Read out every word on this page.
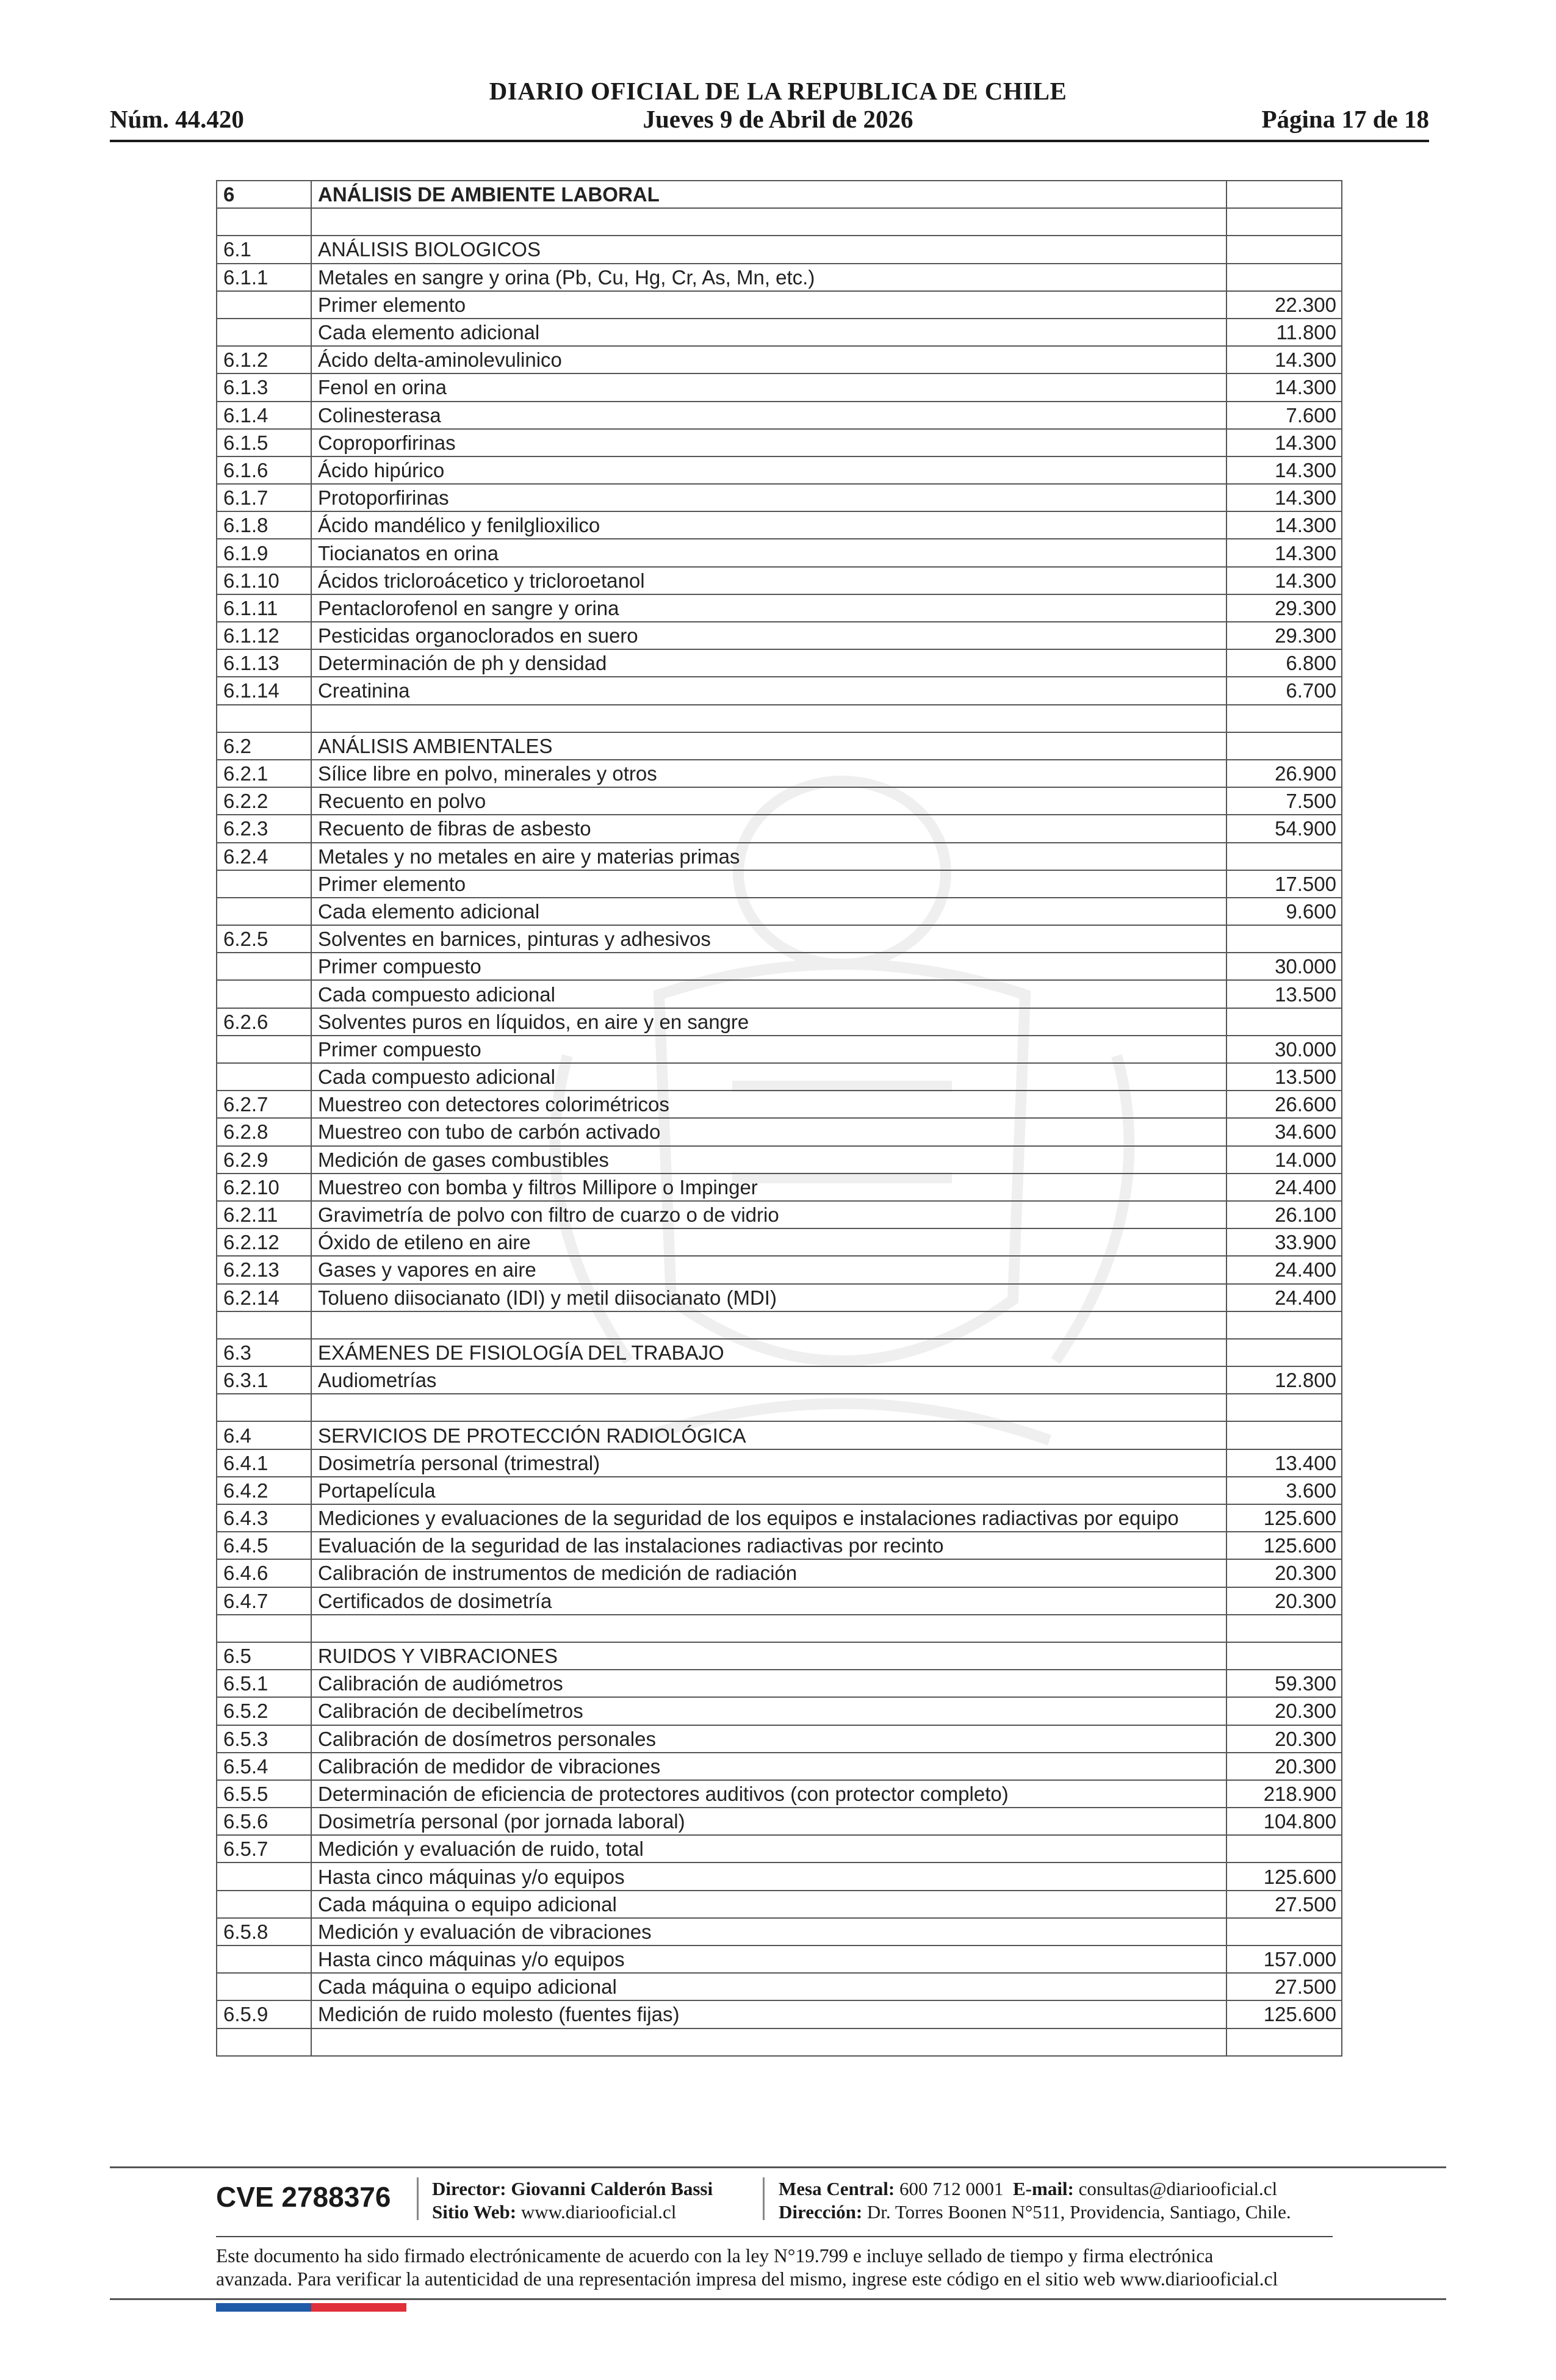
DIARIO OFICIAL DE LA REPUBLICA DE CHILE
Núm. 44.420	Jueves 9 de Abril de 2026	Página 17 de 18
6	ANÁLISIS DE AMBIENTE LABORAL	

6.1	ANÁLISIS BIOLOGICOS	
6.1.1	Metales en sangre y orina (Pb, Cu, Hg, Cr, As, Mn, etc.)	
	Primer elemento	22.300
	Cada elemento adicional	11.800
6.1.2	Ácido delta-aminolevulinico	14.300
6.1.3	Fenol en orina	14.300
6.1.4	Colinesterasa	7.600
6.1.5	Coproporfirinas	14.300
6.1.6	Ácido hipúrico	14.300
6.1.7	Protoporfirinas	14.300
6.1.8	Ácido mandélico y fenilglioxilico	14.300
6.1.9	Tiocianatos en orina	14.300
6.1.10	Ácidos tricloroácetico y tricloroetanol	14.300
6.1.11	Pentaclorofenol en sangre y orina	29.300
6.1.12	Pesticidas organoclorados en suero	29.300
6.1.13	Determinación de ph y densidad	6.800
6.1.14	Creatinina	6.700

6.2	ANÁLISIS AMBIENTALES	
6.2.1	Sílice libre en polvo, minerales y otros	26.900
6.2.2	Recuento en polvo	7.500
6.2.3	Recuento de fibras de asbesto	54.900
6.2.4	Metales y no metales en aire y materias primas	
	Primer elemento	17.500
	Cada elemento adicional	9.600
6.2.5	Solventes en barnices, pinturas y adhesivos	
	Primer compuesto	30.000
	Cada compuesto adicional	13.500
6.2.6	Solventes puros en líquidos, en aire y en sangre	
	Primer compuesto	30.000
	Cada compuesto adicional	13.500
6.2.7	Muestreo con detectores colorimétricos	26.600
6.2.8	Muestreo con tubo de carbón activado	34.600
6.2.9	Medición de gases combustibles	14.000
6.2.10	Muestreo con bomba y filtros Millipore o Impinger	24.400
6.2.11	Gravimetría de polvo con filtro de cuarzo o de vidrio	26.100
6.2.12	Óxido de etileno en aire	33.900
6.2.13	Gases y vapores en aire	24.400
6.2.14	Tolueno diisocianato (IDI) y metil diisocianato (MDI)	24.400

6.3	EXÁMENES DE FISIOLOGÍA DEL TRABAJO	
6.3.1	Audiometrías	12.800

6.4	SERVICIOS DE PROTECCIÓN RADIOLÓGICA	
6.4.1	Dosimetría personal (trimestral)	13.400
6.4.2	Portapelícula	3.600
6.4.3	Mediciones y evaluaciones de la seguridad de los equipos e instalaciones radiactivas por equipo	125.600
6.4.5	Evaluación de la seguridad de las instalaciones radiactivas por recinto	125.600
6.4.6	Calibración de instrumentos de medición de radiación	20.300
6.4.7	Certificados de dosimetría	20.300

6.5	RUIDOS Y VIBRACIONES	
6.5.1	Calibración de audiómetros	59.300
6.5.2	Calibración de decibelímetros	20.300
6.5.3	Calibración de dosímetros personales	20.300
6.5.4	Calibración de medidor de vibraciones	20.300
6.5.5	Determinación de eficiencia de protectores auditivos (con protector completo)	218.900
6.5.6	Dosimetría personal (por jornada laboral)	104.800
6.5.7	Medición y evaluación de ruido, total	
	Hasta cinco máquinas y/o equipos	125.600
	Cada máquina o equipo adicional	27.500
6.5.8	Medición y evaluación de vibraciones	
	Hasta cinco máquinas y/o equipos	157.000
	Cada máquina o equipo adicional	27.500
6.5.9	Medición de ruido molesto (fuentes fijas)	125.600

CVE 2788376 Director: Giovanni Calderón Bassi
Sitio Web: www.diariooficial.cl
Mesa Central: 600 712 0001 E-mail: consultas@diariooficial.cl
Dirección: Dr. Torres Boonen N°511, Providencia, Santiago, Chile.
Este documento ha sido firmado electrónicamente de acuerdo con la ley N°19.799 e incluye sellado de tiempo y firma electrónica
avanzada. Para verificar la autenticidad de una representación impresa del mismo, ingrese este código en el sitio web www.diariooficial.cl
